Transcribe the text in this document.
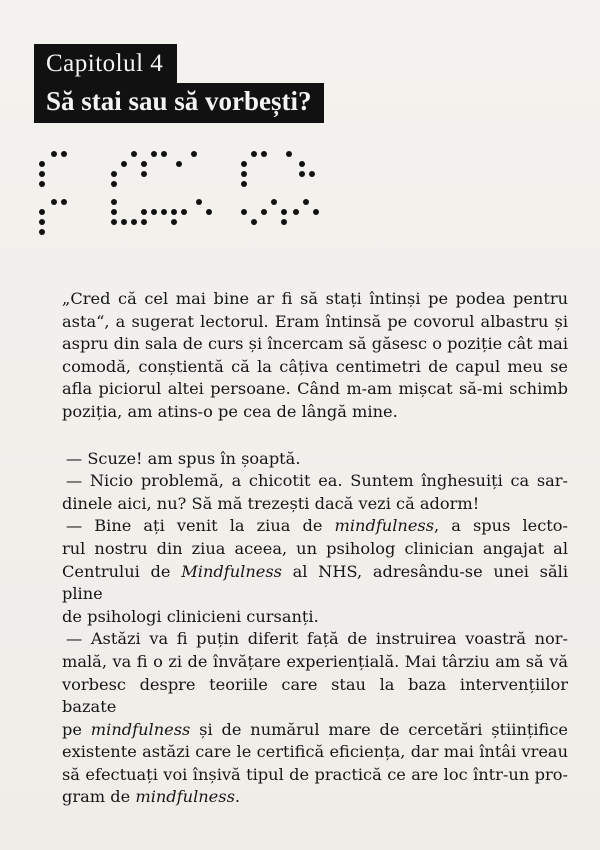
Capitolul 4
Să stai sau să vorbești?
„Cred că cel mai bine ar fi să stați întinși pe podea pentru
asta“, a sugerat lectorul. Eram întinsă pe covorul albastru și
aspru din sala de curs și încercam să găsesc o poziție cât mai
comodă, conștientă că la câțiva centimetri de capul meu se
afla piciorul altei persoane. Când m-am mișcat să-mi schimb
poziția, am atins-o pe cea de lângă mine.
— Scuze! am spus în șoaptă.
— Nicio problemă, a chicotit ea. Suntem înghesuiți ca sar-
dinele aici, nu? Să mă trezești dacă vezi că adorm!
— Bine ați venit la ziua de mindfulness, a spus lecto-
rul nostru din ziua aceea, un psiholog clinician angajat al
Centrului de Mindfulness al NHS, adresându-se unei săli pline
de psihologi clinicieni cursanți.
— Astăzi va fi puțin diferit față de instruirea voastră nor-
mală, va fi o zi de învățare experiențială. Mai târziu am să vă
vorbesc despre teoriile care stau la baza intervențiilor bazate
pe mindfulness și de numărul mare de cercetări științifice
existente astăzi care le certifică eficiența, dar mai întâi vreau
să efectuați voi înșivă tipul de practică ce are loc într-un pro-
gram de mindfulness.
